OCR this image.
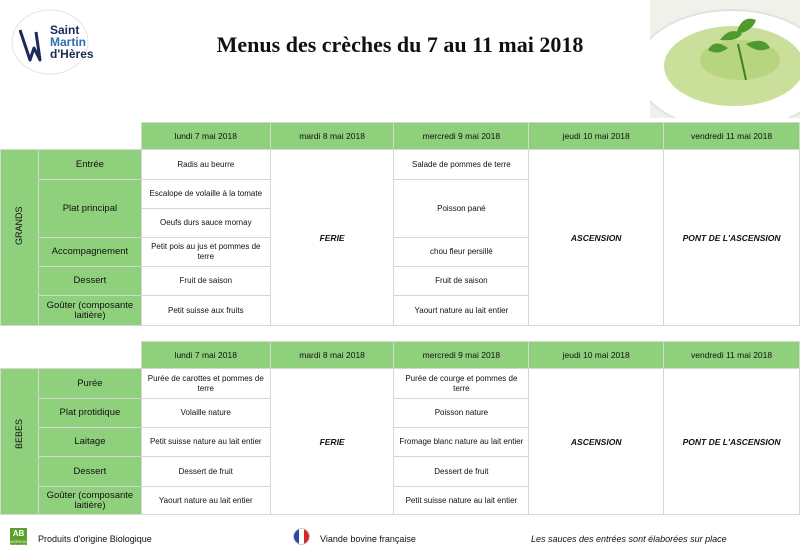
Saint
Martin
d'Hères	Menus des crèches du 7 au 11 mai 2018
		lundi 7 mai 2018	mardi 8 mai 2018	mercredi 9 mai 2018	jeudi 10 mai 2018	vendredi 11 mai 2018

GRANDS	Entrée	Radis au beurre	FERIE	Salade de pommes de terre	ASCENSION	PONT DE L'ASCENSION
	Plat principal	Escalope de volaille à la tomate		Poisson pané		
		Oeufs durs sauce mornay				
	Accompagnement	Petit pois au jus et pommes de terre		chou fleur persillé		
	Dessert	Fruit de saison		Fruit de saison		
	Goûter (composante laitière)	Petit suisse aux fruits		Yaourt nature au lait entier		
		lundi 7 mai 2018	mardi 8 mai 2018	mercredi 9 mai 2018	jeudi 10 mai 2018	vendredi 11 mai 2018

BEBES	Purée	Purée de carottes et pommes de terre	FERIE	Purée de courge et pommes de terre	ASCENSION	PONT DE L'ASCENSION
	Plat protidique	Volaille nature		Poisson nature		
	Laitage	Petit suisse nature au lait entier		Fromage blanc nature au lait entier		
	Dessert	Dessert de fruit		Dessert de fruit		
	Goûter (composante laitière)	Yaourt nature au lait entier		Petit suisse nature au lait entier		
AB
AGRICULTURE BIOLOGIQUE
Produits d'origine Biologique	Viande bovine française	Les sauces des entrées sont élaborées sur place
